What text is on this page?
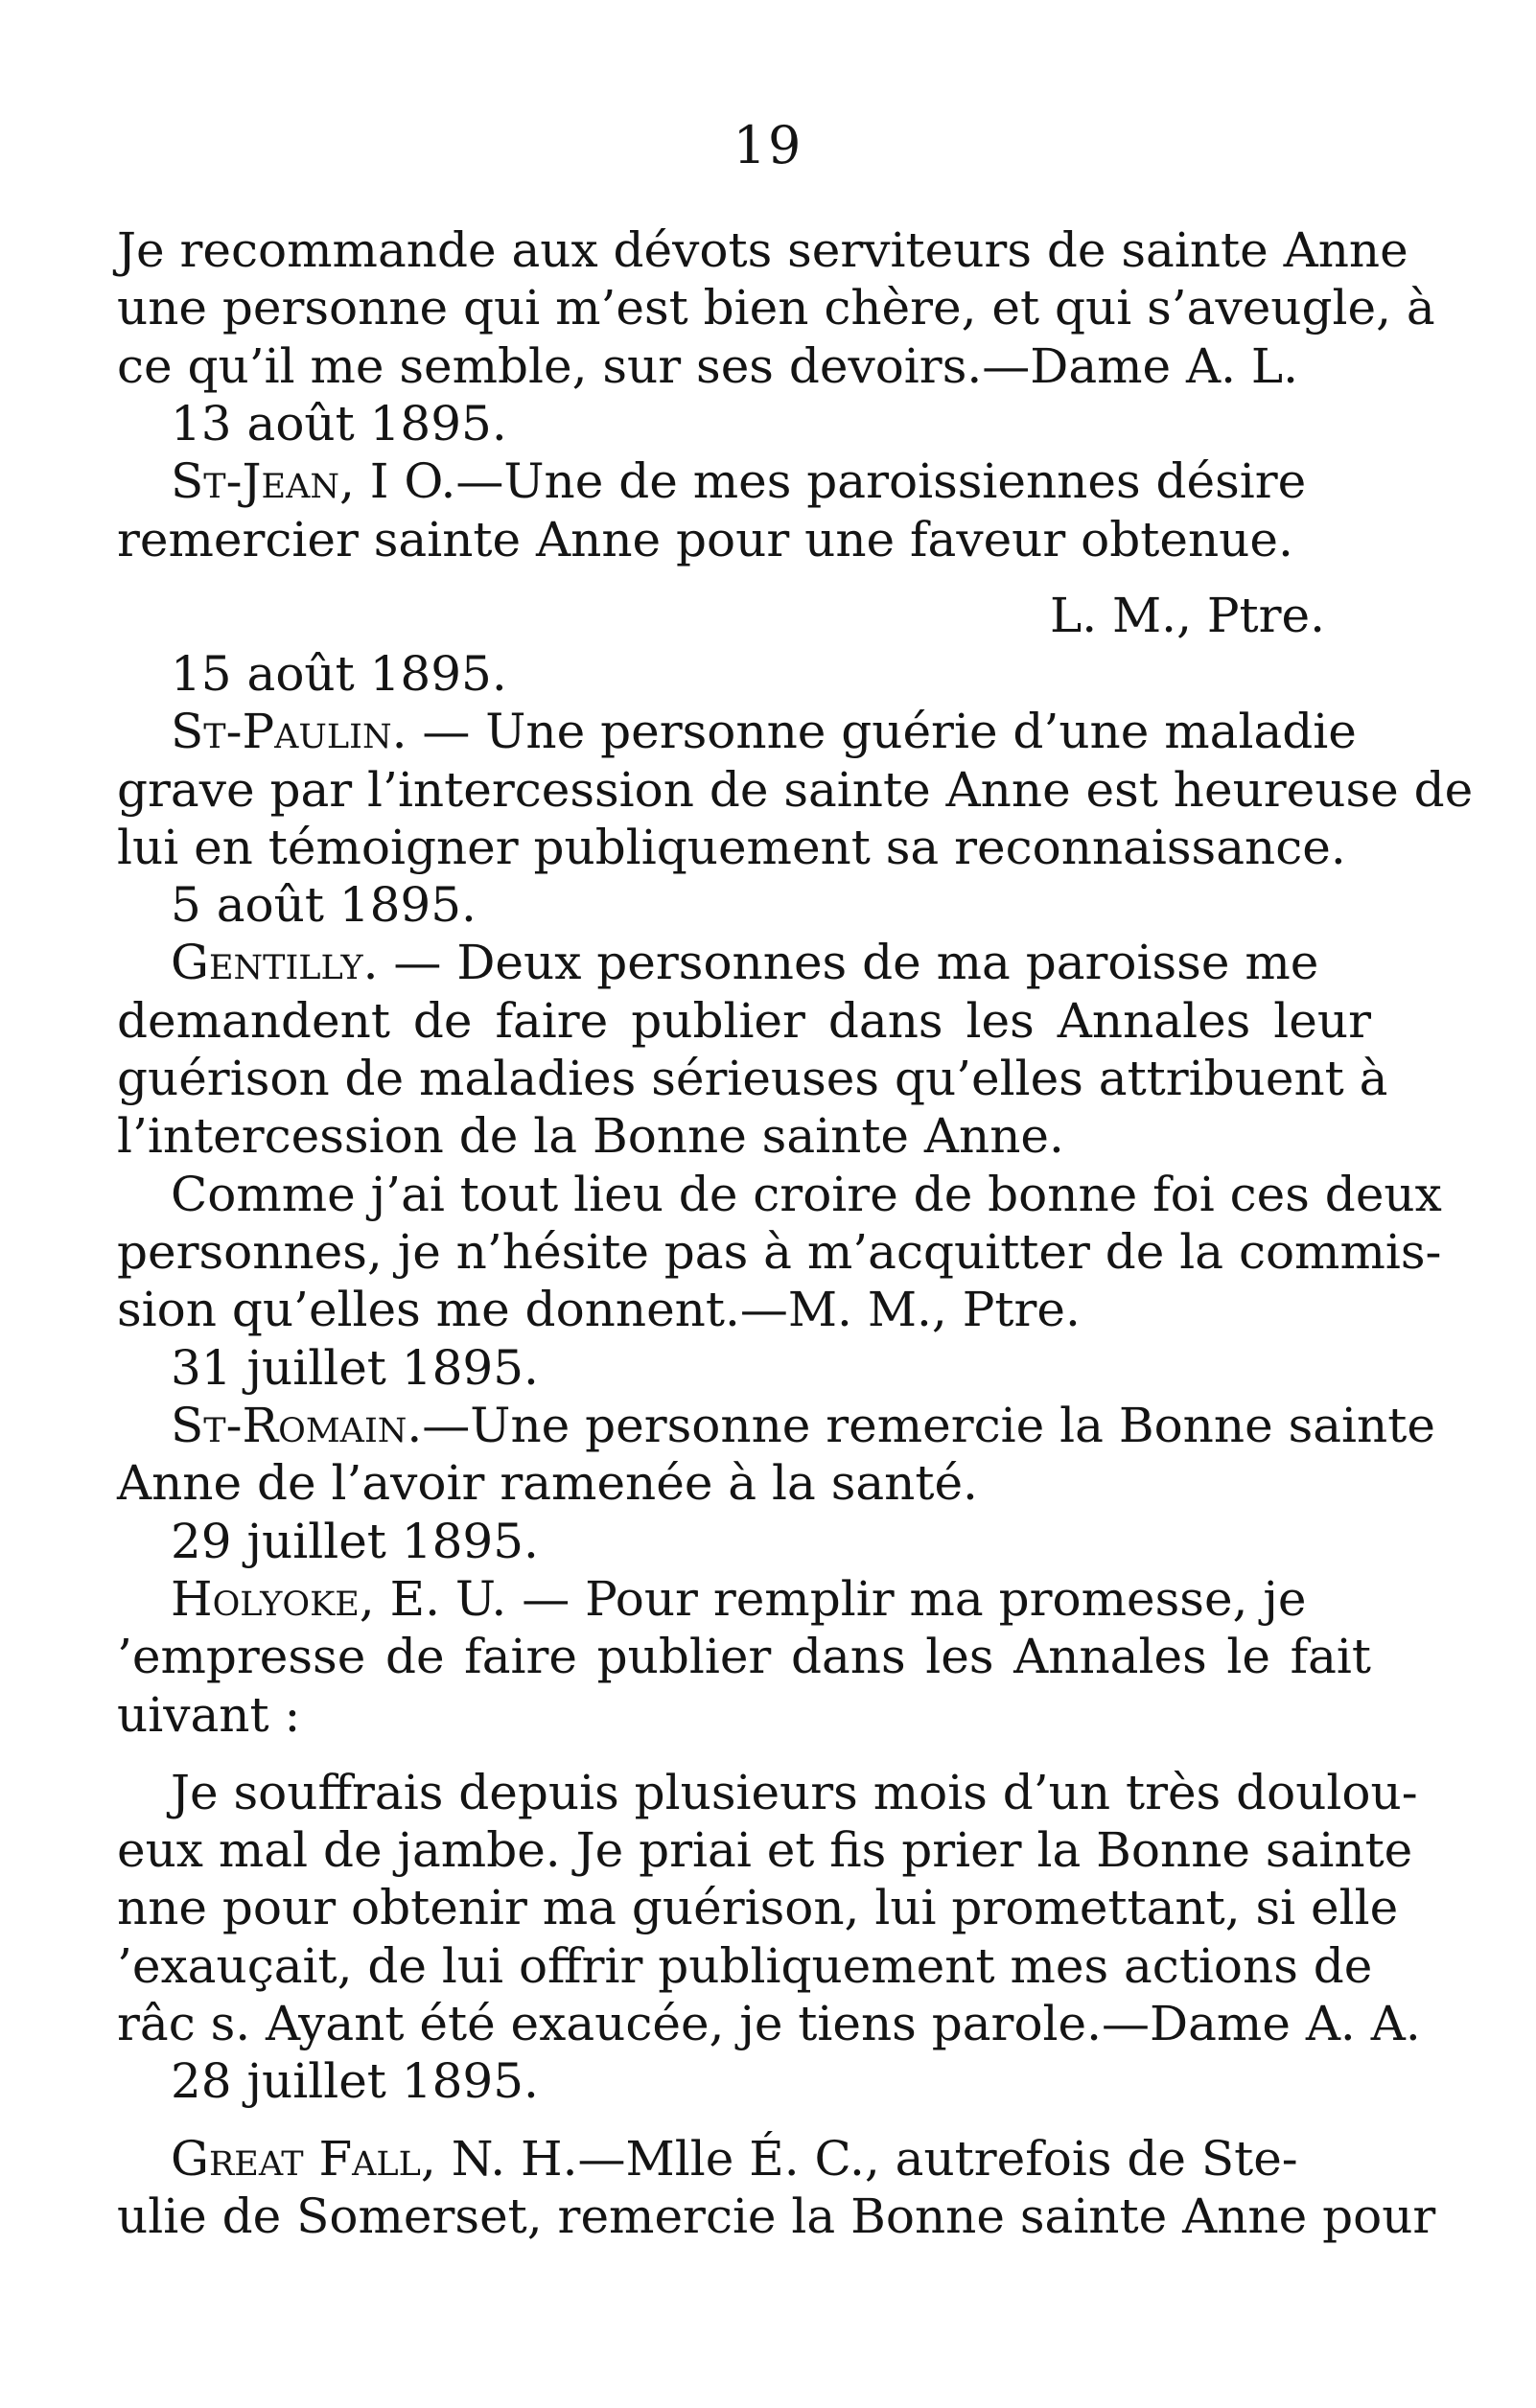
19
Je recommande aux dévots serviteurs de sainte Anne
une personne qui m’est bien chère, et qui s’aveugle, à
ce qu’il me semble, sur ses devoirs.—Dame A. L.
13 août 1895.
St-Jean, I O.—Une de mes paroissiennes désire
remercier sainte Anne pour une faveur obtenue.
L. M., Ptre.
15 août 1895.
St-Paulin. — Une personne guérie d’une maladie
grave par l’intercession de sainte Anne est heureuse de
lui en témoigner publiquement sa reconnaissance.
5 août 1895.
Gentilly. — Deux personnes de ma paroisse me
demandent de faire publier dans les Annales leur
guérison de maladies sérieuses qu’elles attribuent à
l’intercession de la Bonne sainte Anne.
Comme j’ai tout lieu de croire de bonne foi ces deux
personnes, je n’hésite pas à m’acquitter de la commis-
sion qu’elles me donnent.—M. M., Ptre.
31 juillet 1895.
St-Romain.—Une personne remercie la Bonne sainte
Anne de l’avoir ramenée à la santé.
29 juillet 1895.
Holyoke, E. U. — Pour remplir ma promesse, je
’empresse de faire publier dans les Annales le fait
uivant :
Je souffrais depuis plusieurs mois d’un très doulou-
eux mal de jambe. Je priai et fis prier la Bonne sainte
nne pour obtenir ma guérison, lui promettant, si elle
’exauçait, de lui offrir publiquement mes actions de
râc s. Ayant été exaucée, je tiens parole.—Dame A. A.
28 juillet 1895.
Great Fall, N. H.—Mlle É. C., autrefois de Ste-
ulie de Somerset, remercie la Bonne sainte Anne pour
